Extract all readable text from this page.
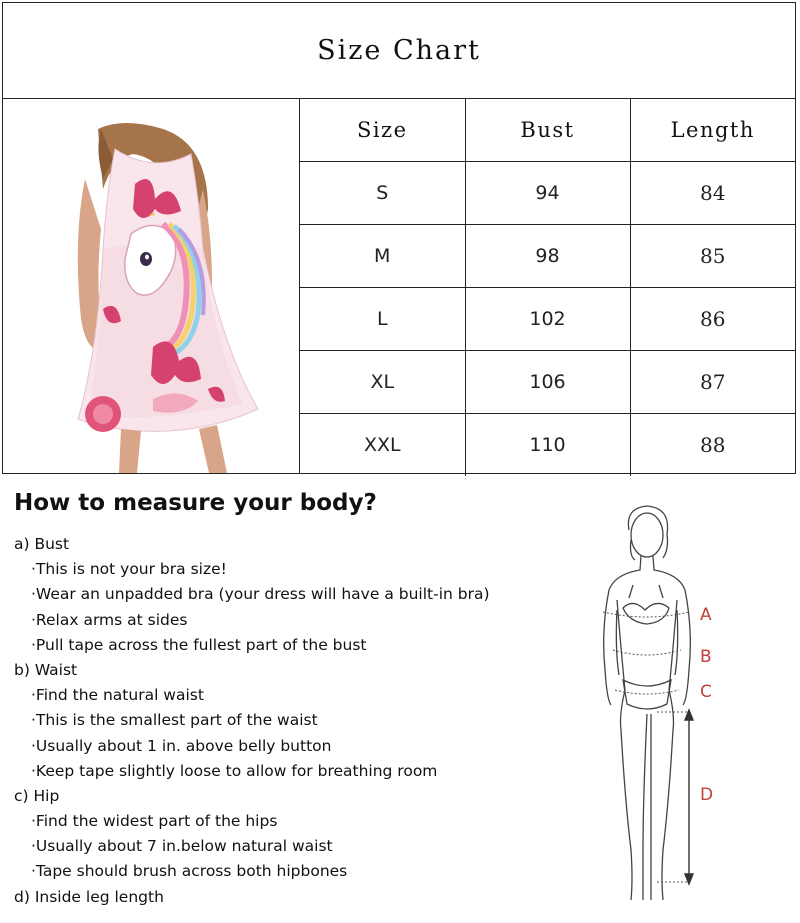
Size Chart
Size	Bust	Length
S	94	84
M	98	85
L	102	86
XL	106	87
XXL	110	88
How to measure your body?
a) Bust
·This is not your bra size!
·Wear an unpadded bra (your dress will have a built-in bra)
·Relax arms at sides
·Pull tape across the fullest part of the bust
b) Waist
·Find the natural waist
·This is the smallest part of the waist
·Usually about 1 in. above belly button
·Keep tape slightly loose to allow for breathing room
c) Hip
·Find the widest part of the hips
·Usually about 7 in.below natural waist
·Tape should brush across both hipbones
d) Inside leg length
A
B
C
D
